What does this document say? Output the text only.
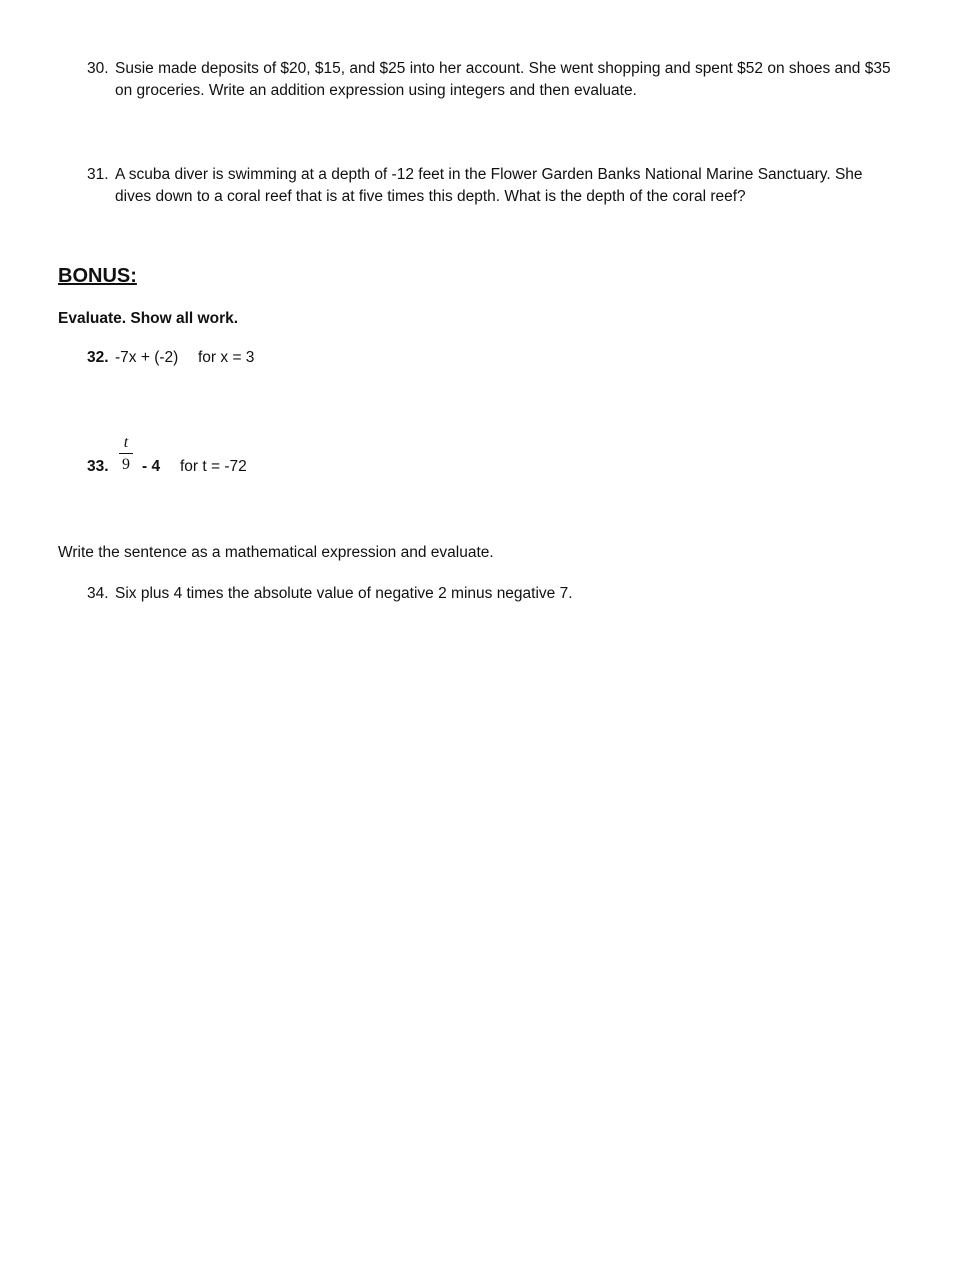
30. Susie made deposits of $20, $15, and $25 into her account. She went shopping and spent $52 on shoes and $35
on groceries. Write an addition expression using integers and then evaluate.
31. A scuba diver is swimming at a depth of -12 feet in the Flower Garden Banks National Marine Sanctuary. She
dives down to a coral reef that is at five times this depth. What is the depth of the coral reef?
BONUS:
Evaluate. Show all work.
32. -7x + (-2) for x = 3
33.
t
9 - 4 for t = -72
Write the sentence as a mathematical expression and evaluate.
34. Six plus 4 times the absolute value of negative 2 minus negative 7.
